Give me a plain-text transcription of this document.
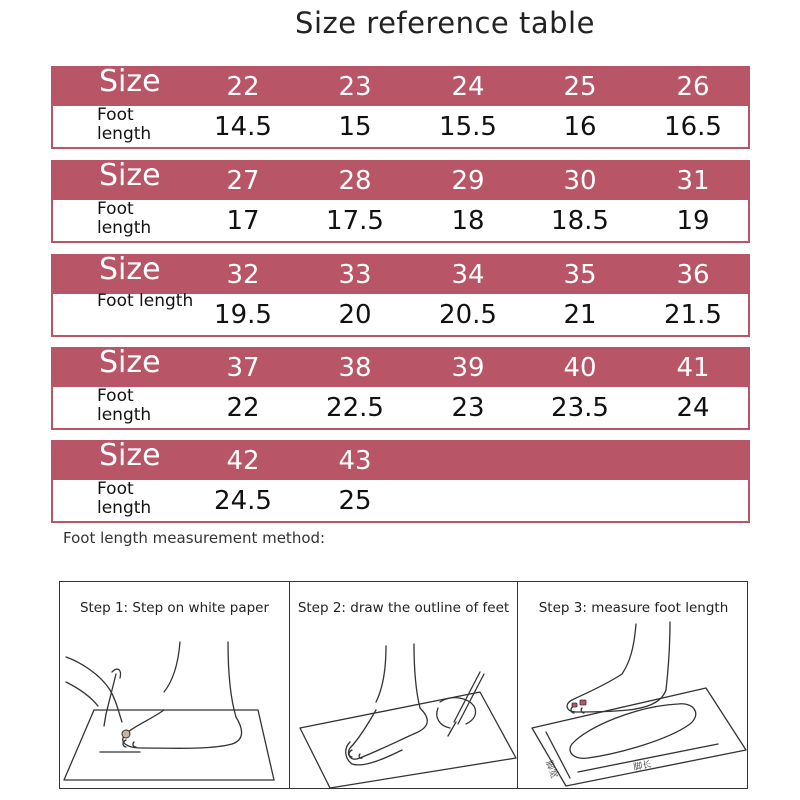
Size reference table
Size	22	23	24	25	26
Foot length	14.5	15	15.5	16	16.5
Size	27	28	29	30	31
Foot length	17	17.5	18	18.5	19
Size	32	33	34	35	36
Foot length 19.5	20	20.5	21	21.5
Size	37	38	39	40	41
Foot length	22	22.5	23	23.5	24
Size	42	43
Foot length	24.5	25
Foot length measurement method:
Step 1: Step on white paper	Step 2: draw the outline of feet	Step 3: measure foot length
脚宽	脚长
